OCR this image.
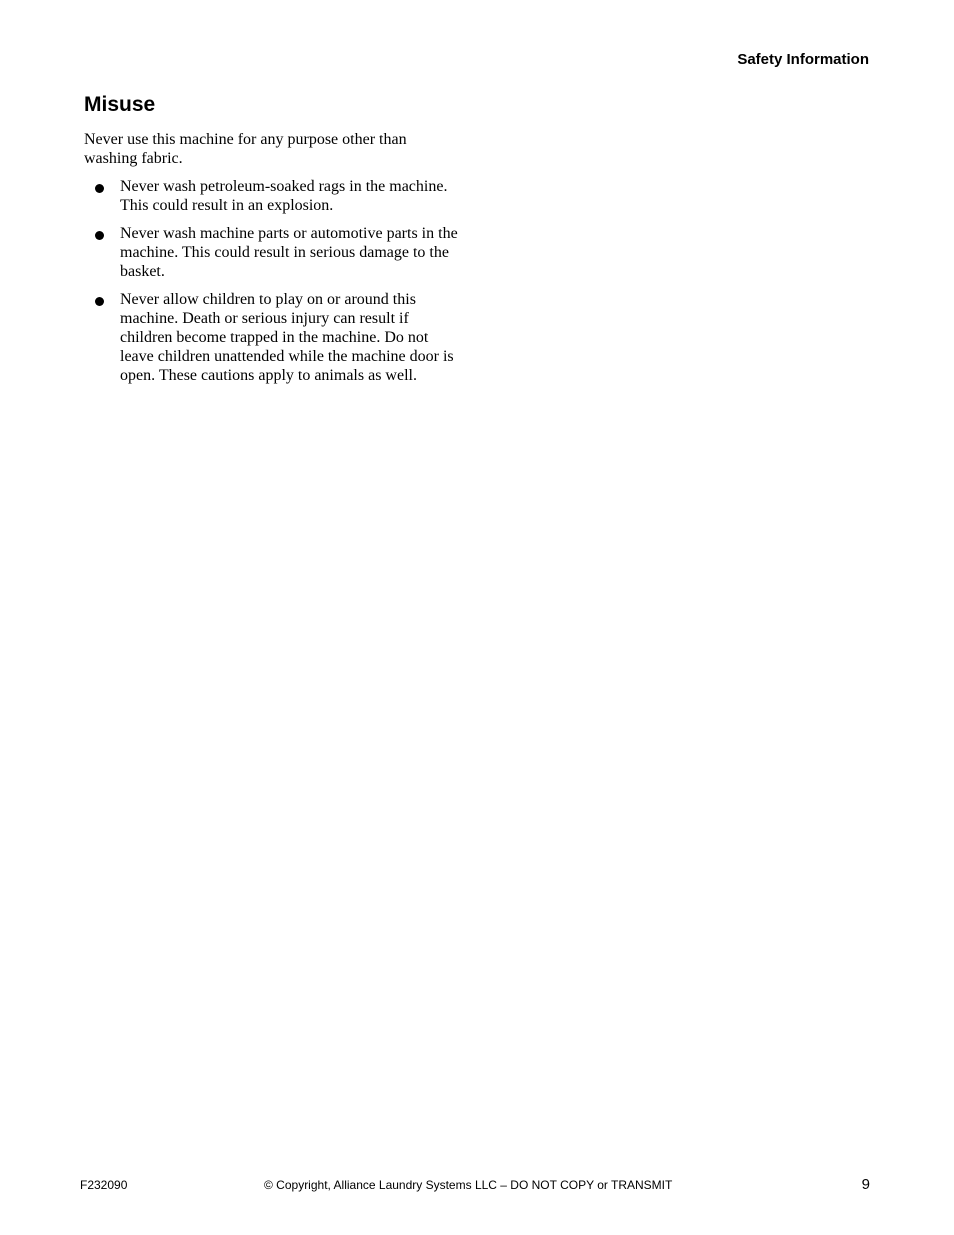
Safety Information
Misuse

Never use this machine for any purpose other than washing fabric.

Never wash petroleum-soaked rags in the machine. This could result in an explosion.
Never wash machine parts or automotive parts in the machine. This could result in serious damage to the basket.
Never allow children to play on or around this machine. Death or serious injury can result if children become trapped in the machine. Do not leave children unattended while the machine door is open. These cautions apply to animals as well.
F232090	© Copyright, Alliance Laundry Systems LLC – DO NOT COPY or TRANSMIT	9
